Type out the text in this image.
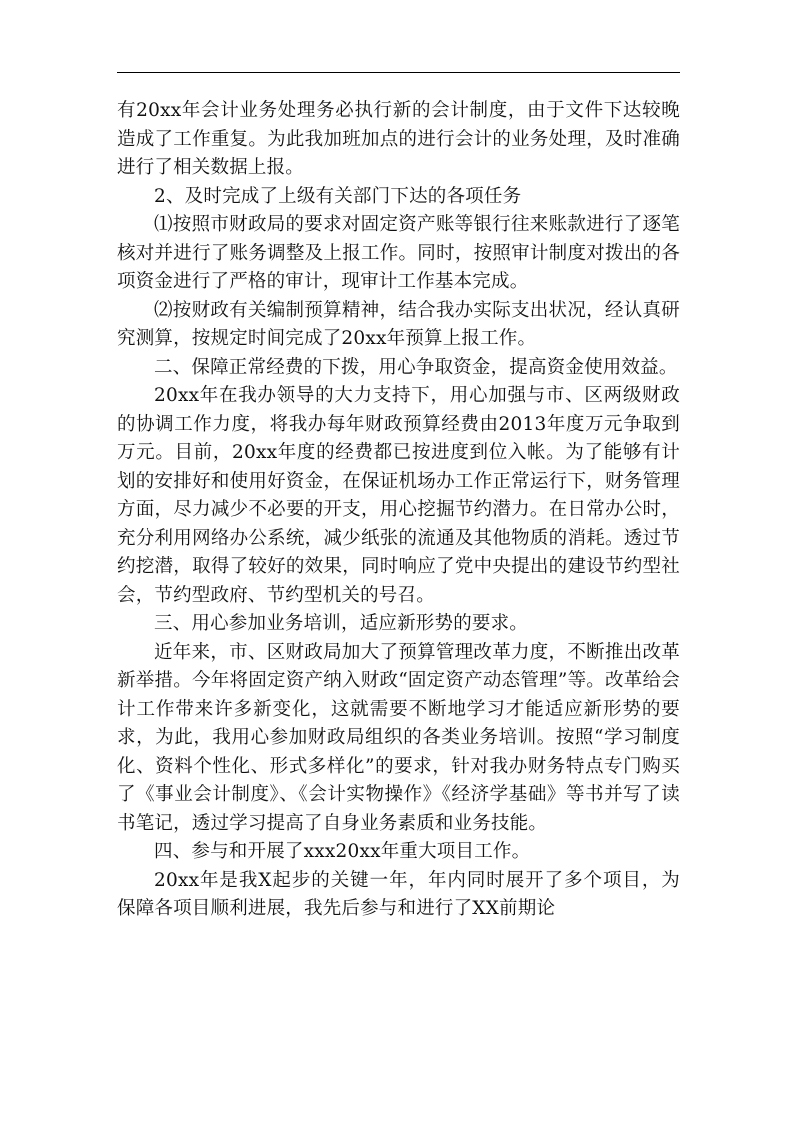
有20xx年会计业务处理务必执行新的会计制度，由于文件下达较晚造成了工作重复。为此我加班加点的进行会计的业务处理，及时准确进行了相关数据上报。

2、及时完成了上级有关部门下达的各项任务

⑴按照市财政局的要求对固定资产账等银行往来账款进行了逐笔核对并进行了账务调整及上报工作。同时，按照审计制度对拨出的各项资金进行了严格的审计，现审计工作基本完成。

⑵按财政有关编制预算精神，结合我办实际支出状况，经认真研究测算，按规定时间完成了20xx年预算上报工作。

二、保障正常经费的下拨，用心争取资金，提高资金使用效益。

20xx年在我办领导的大力支持下，用心加强与市、区两级财政的协调工作力度，将我办每年财政预算经费由2013年度万元争取到万元。目前，20xx年度的经费都已按进度到位入帐。为了能够有计划的安排好和使用好资金，在保证机场办工作正常运行下，财务管理方面，尽力减少不必要的开支，用心挖掘节约潜力。在日常办公时，充分利用网络办公系统，减少纸张的流通及其他物质的消耗。透过节约挖潜，取得了较好的效果，同时响应了党中央提出的建设节约型社会，节约型政府、节约型机关的号召。

三、用心参加业务培训，适应新形势的要求。

近年来，市、区财政局加大了预算管理改革力度，不断推出改革新举措。今年将固定资产纳入财政“固定资产动态管理”等。改革给会计工作带来许多新变化，这就需要不断地学习才能适应新形势的要求，为此，我用心参加财政局组织的各类业务培训。按照“学习制度化、资料个性化、形式多样化”的要求，针对我办财务特点专门购买了《事业会计制度》、《会计实物操作》《经济学基础》等书并写了读书笔记，透过学习提高了自身业务素质和业务技能。

四、参与和开展了xxx20xx年重大项目工作。

20xx年是我X起步的关键一年，年内同时展开了多个项目，为保障各项目顺利进展，我先后参与和进行了XX前期论
